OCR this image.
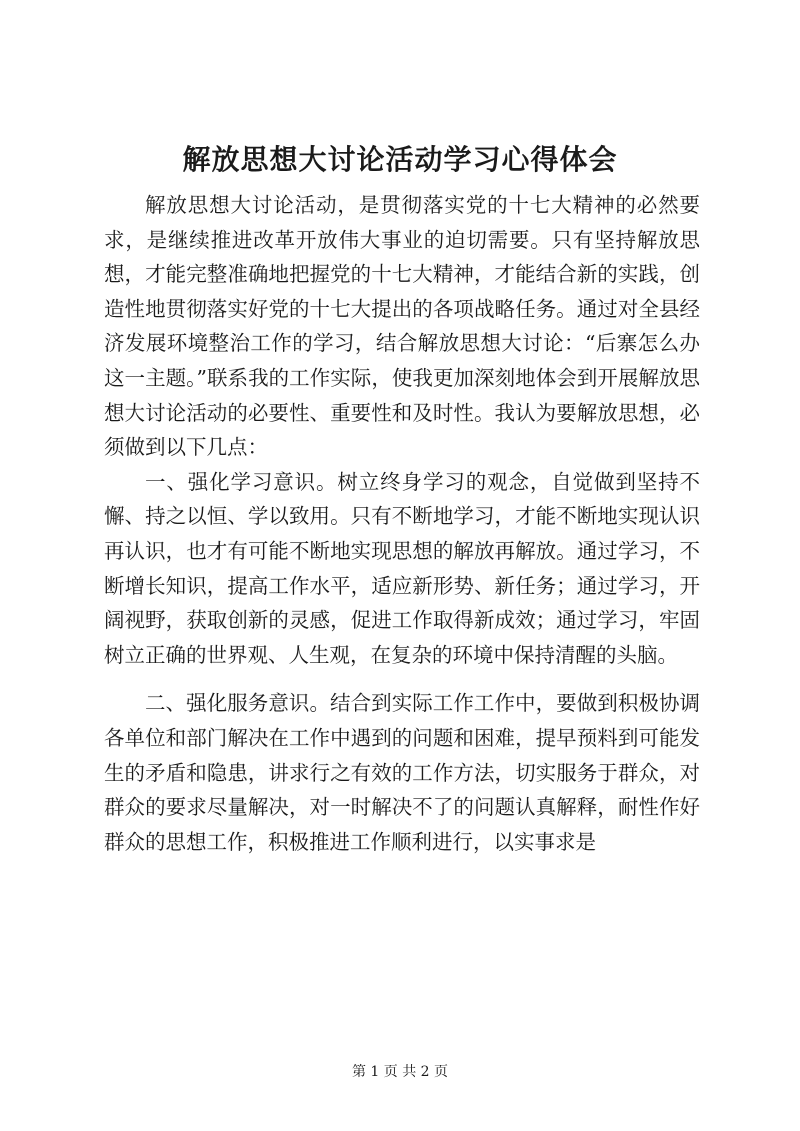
解放思想大讨论活动学习心得体会

解放思想大讨论活动，是贯彻落实党的十七大精神的必然要求，是继续推进改革开放伟大事业的迫切需要。只有坚持解放思想，才能完整准确地把握党的十七大精神，才能结合新的实践，创造性地贯彻落实好党的十七大提出的各项战略任务。通过对全县经济发展环境整治工作的学习，结合解放思想大讨论：“后寨怎么办这一主题。”联系我的工作实际，使我更加深刻地体会到开展解放思想大讨论活动的必要性、重要性和及时性。我认为要解放思想，必须做到以下几点：

一、强化学习意识。树立终身学习的观念，自觉做到坚持不懈、持之以恒、学以致用。只有不断地学习，才能不断地实现认识再认识，也才有可能不断地实现思想的解放再解放。通过学习，不断增长知识，提高工作水平，适应新形势、新任务；通过学习，开阔视野，获取创新的灵感，促进工作取得新成效；通过学习，牢固树立正确的世界观、人生观，在复杂的环境中保持清醒的头脑。

二、强化服务意识。结合到实际工作工作中，要做到积极协调各单位和部门解决在工作中遇到的问题和困难，提早预料到可能发生的矛盾和隐患，讲求行之有效的工作方法，切实服务于群众，对群众的要求尽量解决，对一时解决不了的问题认真解释，耐性作好群众的思想工作，积极推进工作顺利进行，以实事求是

第 1 页 共 2 页
